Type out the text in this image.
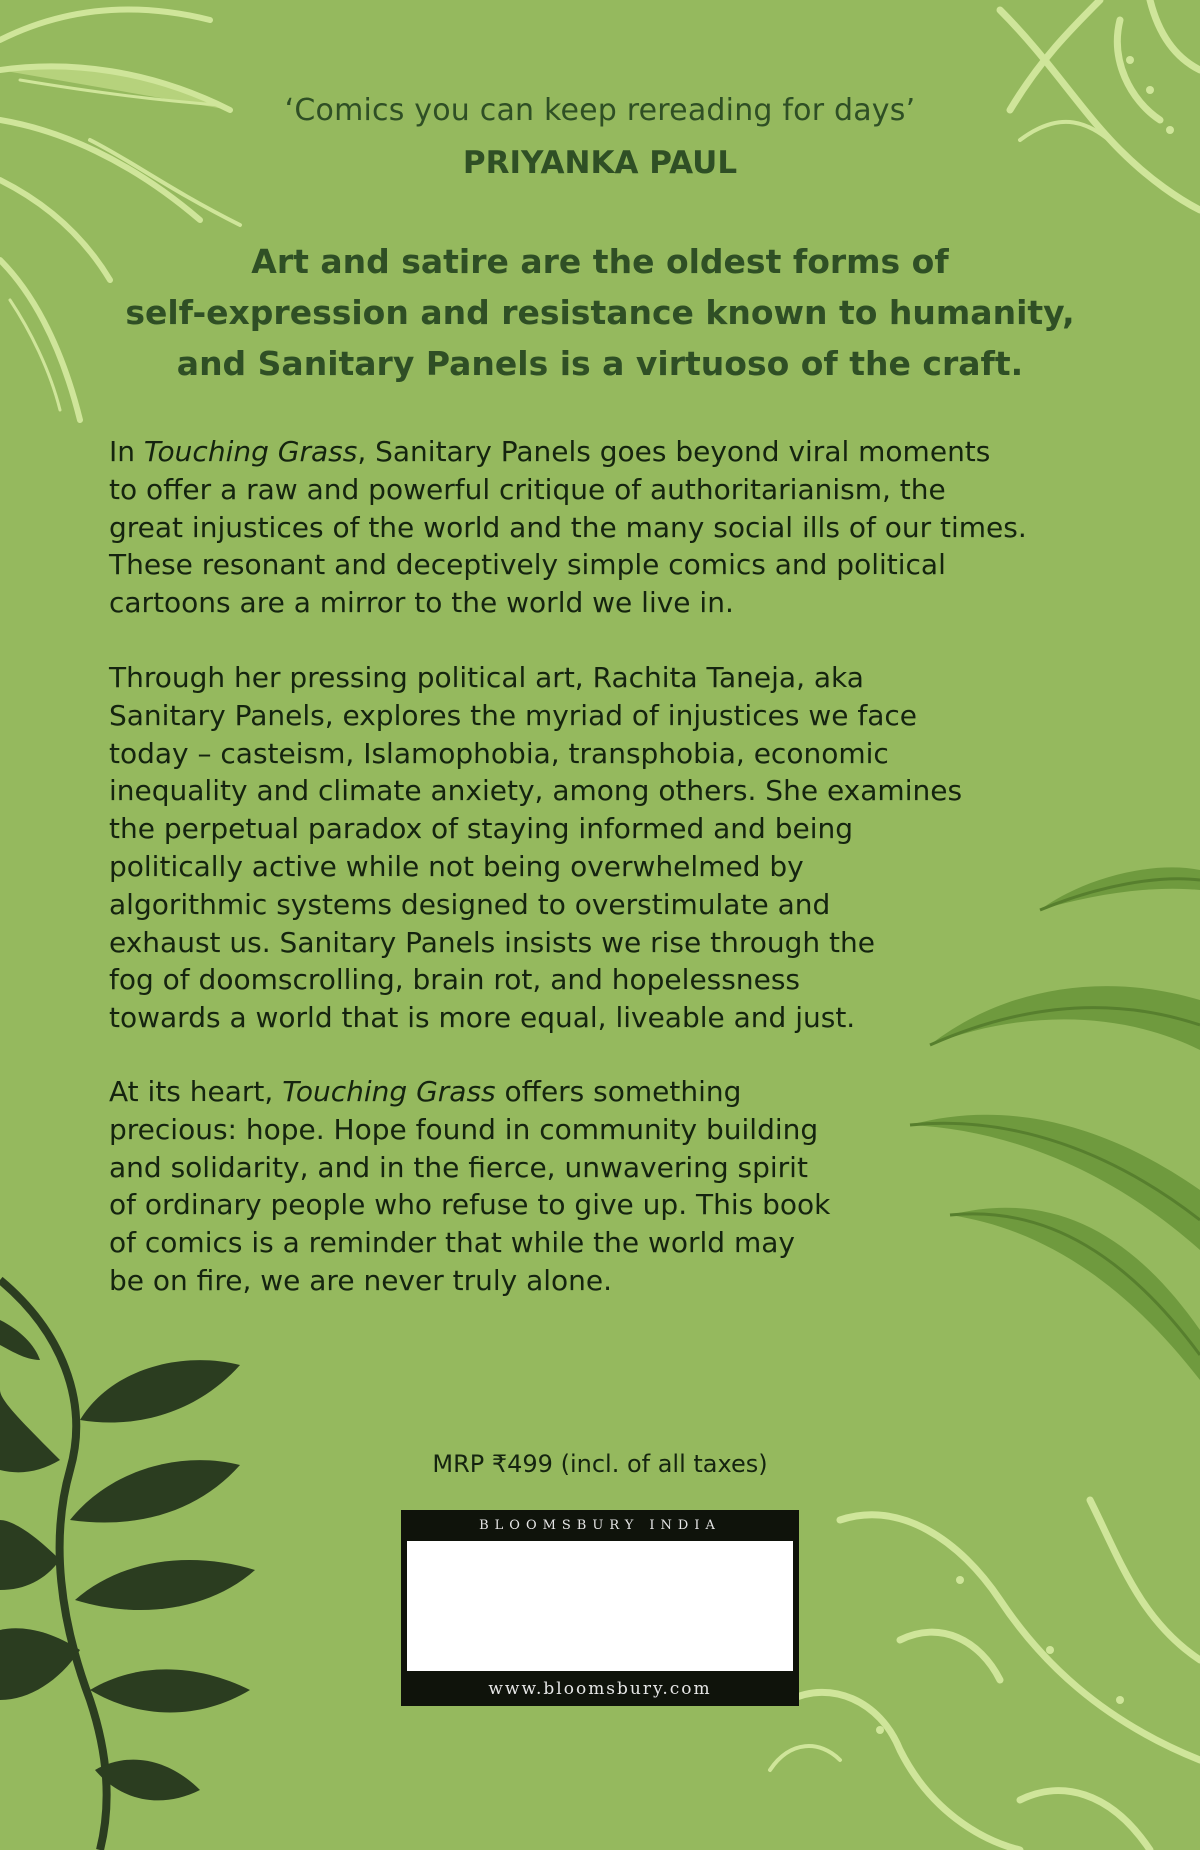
‘Comics you can keep rereading for days’
PRIYANKA PAUL
Art and satire are the oldest forms of
self-expression and resistance known to humanity,
and Sanitary Panels is a virtuoso of the craft.
In Touching Grass, Sanitary Panels goes beyond viral moments
to offer a raw and powerful critique of authoritarianism, the
great injustices of the world and the many social ills of our times.
These resonant and deceptively simple comics and political
cartoons are a mirror to the world we live in.
Through her pressing political art, Rachita Taneja, aka
Sanitary Panels, explores the myriad of injustices we face
today – casteism, Islamophobia, transphobia, economic
inequality and climate anxiety, among others. She examines
the perpetual paradox of staying informed and being
politically active while not being overwhelmed by
algorithmic systems designed to overstimulate and
exhaust us. Sanitary Panels insists we rise through the
fog of doomscrolling, brain rot, and hopelessness
towards a world that is more equal, liveable and just.
At its heart, Touching Grass offers something
precious: hope. Hope found in community building
and solidarity, and in the fierce, unwavering spirit
of ordinary people who refuse to give up. This book
of comics is a reminder that while the world may
be on fire, we are never truly alone.
MRP ₹499 (incl. of all taxes)
BLOOMSBURY INDIA
www.bloomsbury.com
